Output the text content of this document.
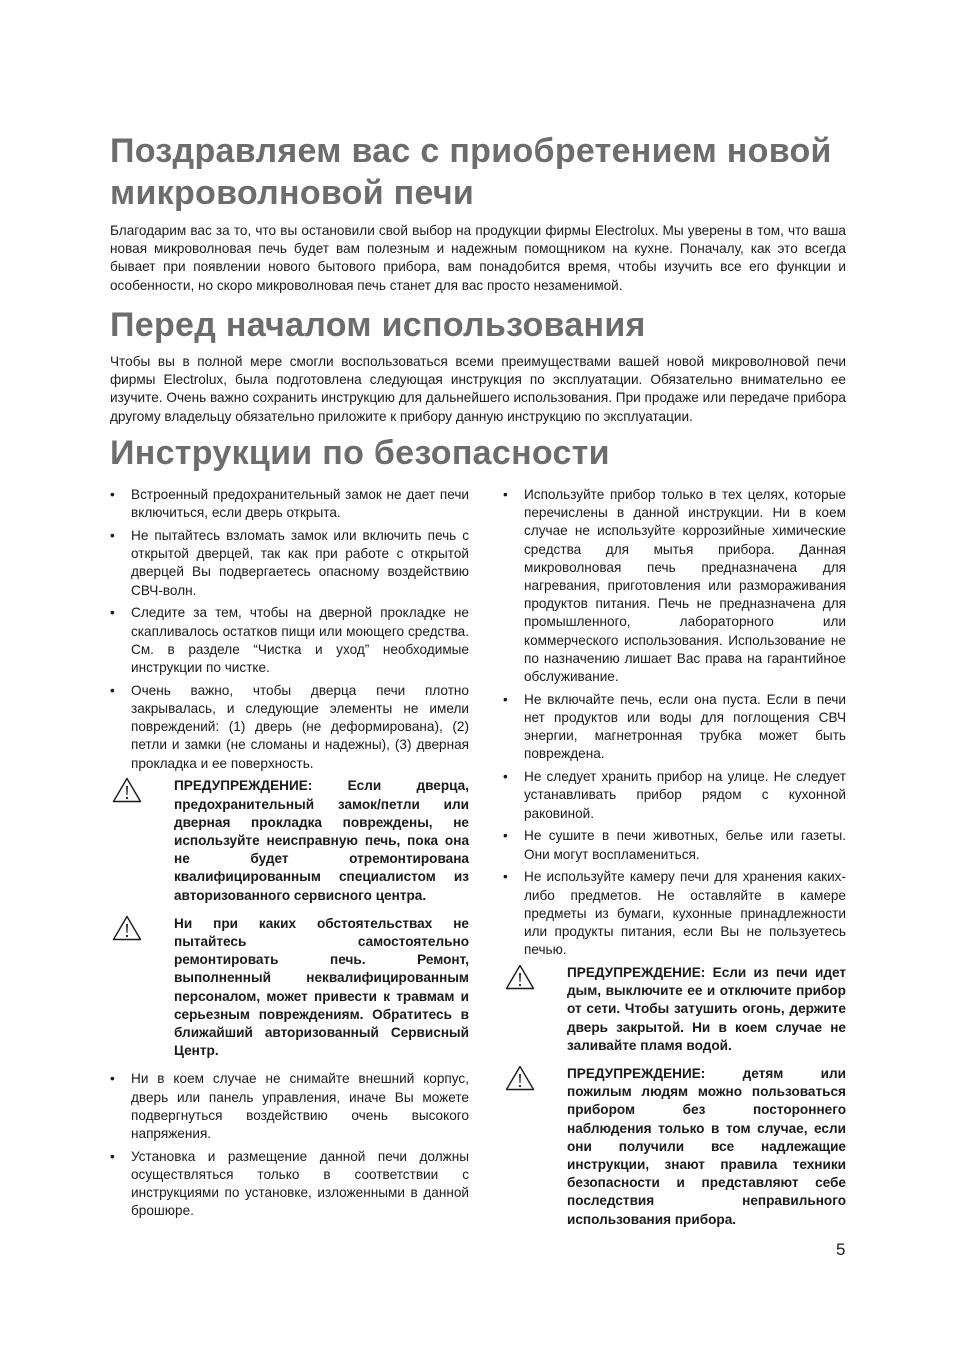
Поздравляем вас с приобретением новой микроволновой печи

Благодарим вас за то, что вы остановили свой выбор на продукции фирмы Electrolux. Мы уверены в том, что ваша новая микроволновая печь будет вам полезным и надежным помощником на кухне. Поначалу, как это всегда бывает при появлении нового бытового прибора, вам понадобится время, чтобы изучить все его функции и особенности, но скоро микроволновая печь станет для вас просто незаменимой.

Перед началом использования

Чтобы вы в полной мере смогли воспользоваться всеми преимуществами вашей новой микроволновой печи фирмы Electrolux, была подготовлена следующая инструкция по эксплуатации. Обязательно внимательно ее изучите. Очень важно сохранить инструкцию для дальнейшего использования. При продаже или передаче прибора другому владельцу обязательно приложите к прибору данную инструкцию по эксплуатации.

Инструкции по безопасности
• Встроенный предохранительный замок не дает печи включиться, если дверь открыта.
• Не пытайтесь взломать замок или включить печь с открытой дверцей, так как при работе с открытой дверцей Вы подвергаетесь опасному воздействию СВЧ-волн.
• Следите за тем, чтобы на дверной прокладке не скапливалось остатков пищи или моющего средства. См. в разделе “Чистка и уход” необходимые инструкции по чистке.
• Очень важно, чтобы дверца печи плотно закрывалась, и следующие элементы не имели повреждений: (1) дверь (не деформирована), (2) петли и замки (не сломаны и надежны), (3) дверная прокладка и ее поверхность.
ПРЕДУПРЕЖДЕНИЕ: Если дверца, предохранительный замок/петли или дверная прокладка повреждены, не используйте неисправную печь, пока она не будет отремонтирована квалифицированным специалистом из авторизованного сервисного центра.
Ни при каких обстоятельствах не пытайтесь самостоятельно ремонтировать печь. Ремонт, выполненный неквалифицированным персоналом, может привести к травмам и серьезным повреждениям. Обратитесь в ближайший авторизованный Сервисный Центр.
• Ни в коем случае не снимайте внешний корпус, дверь или панель управления, иначе Вы можете подвергнуться воздействию очень высокого напряжения.
• Установка и размещение данной печи должны осуществляться только в соответствии с инструкциями по установке, изложенными в данной брошюре.
• Используйте прибор только в тех целях, которые перечислены в данной инструкции. Ни в коем случае не используйте коррозийные химические средства для мытья прибора. Данная микроволновая печь предназначена для нагревания, приготовления или размораживания продуктов питания. Печь не предназначена для промышленного, лабораторного или коммерческого использования. Использование не по назначению лишает Вас права на гарантийное обслуживание.
• Не включайте печь, если она пуста. Если в печи нет продуктов или воды для поглощения СВЧ энергии, магнетронная трубка может быть повреждена.
• Не следует хранить прибор на улице. Не следует устанавливать прибор рядом с кухонной раковиной.
• Не сушите в печи животных, белье или газеты. Они могут воспламениться.
• Не используйте камеру печи для хранения каких-либо предметов. Не оставляйте в камере предметы из бумаги, кухонные принадлежности или продукты питания, если Вы не пользуетесь печью.
ПРЕДУПРЕЖДЕНИЕ: Если из печи идет дым, выключите ее и отключите прибор от сети. Чтобы затушить огонь, держите дверь закрытой. Ни в коем случае не заливайте пламя водой.
ПРЕДУПРЕЖДЕНИЕ: детям или пожилым людям можно пользоваться прибором без постороннего наблюдения только в том случае, если они получили все надлежащие инструкции, знают правила техники безопасности и представляют себе последствия неправильного использования прибора.
5
